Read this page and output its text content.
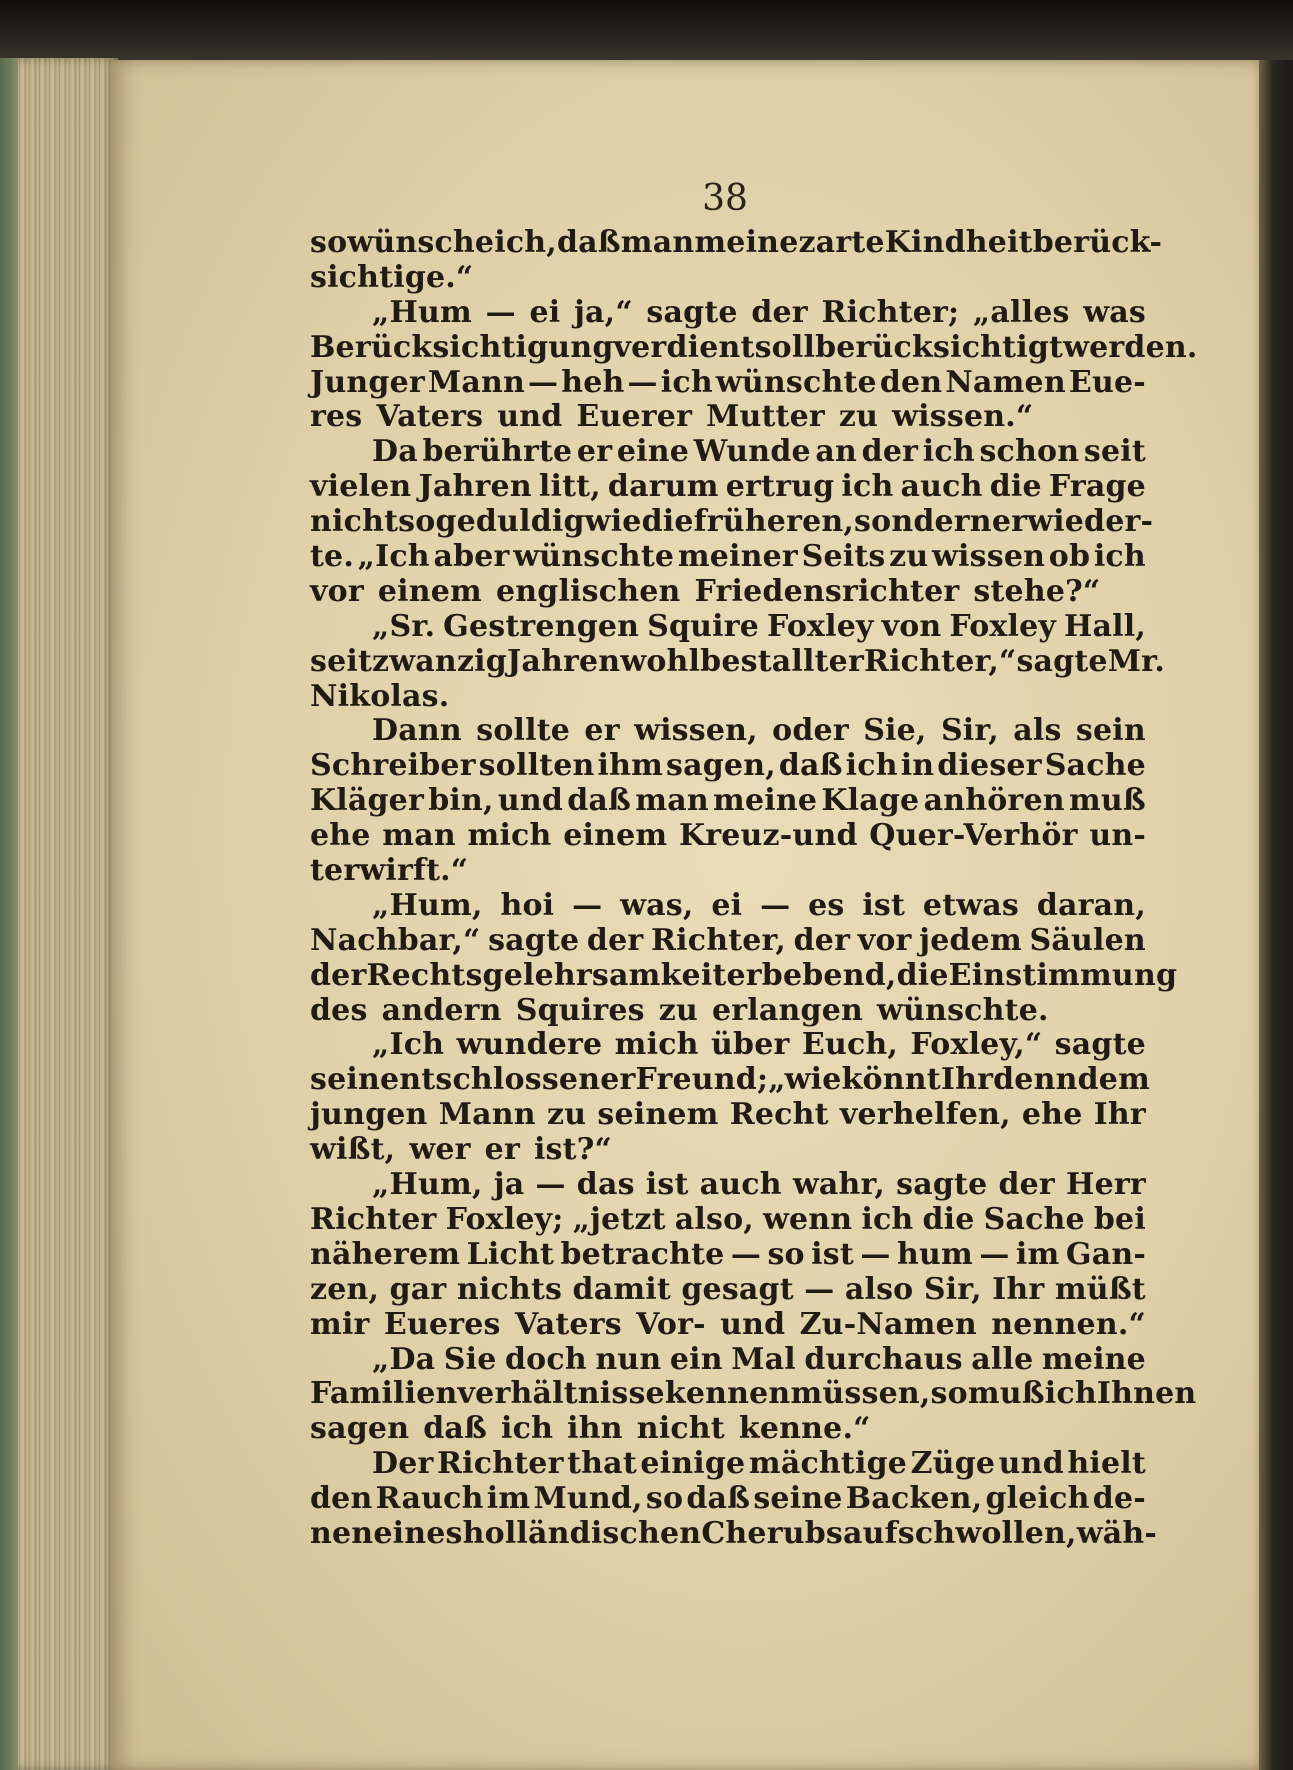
38
so wünsche ich, daß man meine zarte Kindheit berück-
sichtige.“
„Hum — ei ja,“ sagte der Richter; „alles was
Berücksichtigung verdient soll berücksichtigt werden.
Junger Mann — heh — ich wünschte den Namen Eue-
res Vaters und Euerer Mutter zu wissen.“
Da berührte er eine Wunde an der ich schon seit
vielen Jahren litt, darum ertrug ich auch die Frage
nicht so geduldig wie die früheren, sondern erwieder-
te. „Ich aber wünschte meiner Seits zu wissen ob ich
vor einem englischen Friedensrichter stehe?“
„Sr. Gestrengen Squire Foxley von Foxley Hall,
seit zwanzig Jahren wohlbestallter Richter,“ sagte Mr.
Nikolas.
Dann sollte er wissen, oder Sie, Sir, als sein
Schreiber sollten ihm sagen, daß ich in dieser Sache
Kläger bin, und daß man meine Klage anhören muß
ehe man mich einem Kreuz-und Quer-Verhör un-
terwirft.“
„Hum, hoi — was, ei — es ist etwas daran,
Nachbar,“ sagte der Richter, der vor jedem Säulen
der Rechtsgelehrsamkeit erbebend, die Einstimmung
des andern Squires zu erlangen wünschte.
„Ich wundere mich über Euch, Foxley,“ sagte
sein entschlossener Freund; „wie könnt Ihr denn dem
jungen Mann zu seinem Recht verhelfen, ehe Ihr
wißt, wer er ist?“
„Hum, ja — das ist auch wahr, sagte der Herr
Richter Foxley; „jetzt also, wenn ich die Sache bei
näherem Licht betrachte — so ist — hum — im Gan-
zen, gar nichts damit gesagt — also Sir, Ihr müßt
mir Eueres Vaters Vor- und Zu-Namen nennen.“
„Da Sie doch nun ein Mal durchaus alle meine
Familienverhältnisse kennen müssen, so muß ich Ihnen
sagen daß ich ihn nicht kenne.“
Der Richter that einige mächtige Züge und hielt
den Rauch im Mund, so daß seine Backen, gleich de-
nen eines holländischen Cherubs aufschwollen, wäh-
